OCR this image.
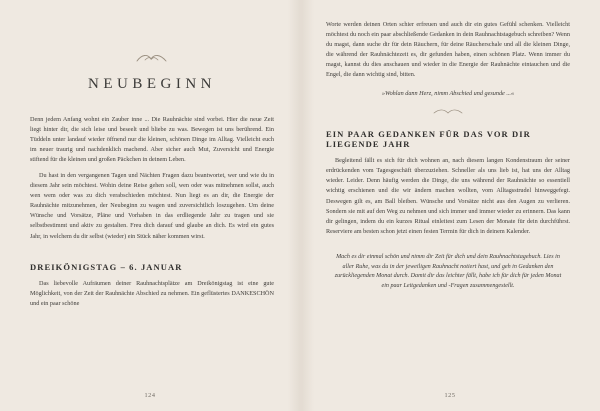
NEUBEGINN

Denn jedem Anfang wohnt ein Zauber inne ... Die Rauhnächte sind vorbei. Hier die neue Zeit liegt hinter dir, die sich leise und beseelt und bliebe zu was. Bewegen ist uns berührend. Ein Tüddeln unter landauf wieder öffnend nur die kleinen, schönen Dinge im Alltag. Vielleicht euch im neuer traurig und nachdenklich machend. Aber sicher auch Mut, Zuversicht und Energie stiftend für die kleinen und großen Päckchen in deinem Leben.

Du hast in den vergangenen Tagen und Nächten Fragen dazu beantwortet, wer und wie du in diesem Jahr sein möchtest. Wohin deine Reise gehen soll, wen oder was mitnehmen sollst, auch wen wem oder was zu dich verabschieden möchtest. Nun liegt es an dir, die Energie der Rauhnächte mitzunehmen, der Neubeginn zu wagen und zuversichtlich loszugehen. Um deine Wünsche und Vorsätze, Pläne und Vorhaben in das erdliegende Jahr zu tragen und sie selbstbestimmt und aktiv zu gestalten. Freu dich darauf und glaube an dich. Es wird ein gutes Jahr, in welchem du dir selbst (wieder) ein Stück näher kommen wirst.

DREIKÖNIGSTAG – 6. JANUAR

Das liebevolle Aufräumen deiner Rauhnachtsplätze am Dreikönigstag ist eine gute Möglichkeit, von der Zeit der Rauhnächte Abschied zu nehmen. Ein geflüstertes DANKESCHÖN und ein paar schöne

124

Worte werden deinen Orten schier erfreuen und auch dir ein gutes Gefühl schenken. Vielleicht möchtest du noch ein paar abschließende Gedanken in dein Rauhnachtstagebuch schreiben? Wenn du magst, dann suche dir für dein Räuchern, für deine Räucherschale und all die kleinen Dinge, die während der Rauhnächtezeit es, dir gefunden haben, einen schönen Platz. Wenn immer du magst, kannst du dies anschauen und wieder in die Energie der Rauhnächte eintauchen und die Engel, die dann wichtig sind, bitten.

»Wohlan dann Herz, nimm Abschied und gesunde ...«

EIN PAAR GEDANKEN FÜR DAS VOR DIR LIEGENDE JAHR

Begleitend fällt es sich für dich wohnen an, nach diesem langen Kondenstraum der seiner erdrückenden vom Tagesgeschäft überzuziehen. Schneller als uns lieb ist, hat uns der Alltag wieder. Leider. Denn häufig werden die Dinge, die uns während der Rauhnächte so essentiell wichtig erschienen und die wir ändern machen wollten, vom Alltagsstrudel hinweggefegt. Deswegen gilt es, am Ball bleiben. Wünsche und Vorsätze nicht aus den Augen zu verlieren. Sondern sie mit auf den Weg zu nehmen und sich immer und immer wieder zu erinnern. Das kann dir gelingen, indem du ein kurzes Ritual einleitest zum Lesen der Monate für dein durchführst. Reserviere am besten schon jetzt einen festen Termin für dich in deinem Kalender.

Mach es dir einmal schön und nimm dir Zeit für dich und dein Rauhnachtstagebuch. Lies in aller Ruhe, was du in der jeweiligen Rauhnacht notiert hast, und geh in Gedanken den zurückliegenden Monat durch. Damit dir das leichter fällt, habe ich für dich für jeden Monat ein paar Leitgedanken und -Fragen zusammengestellt.

125
